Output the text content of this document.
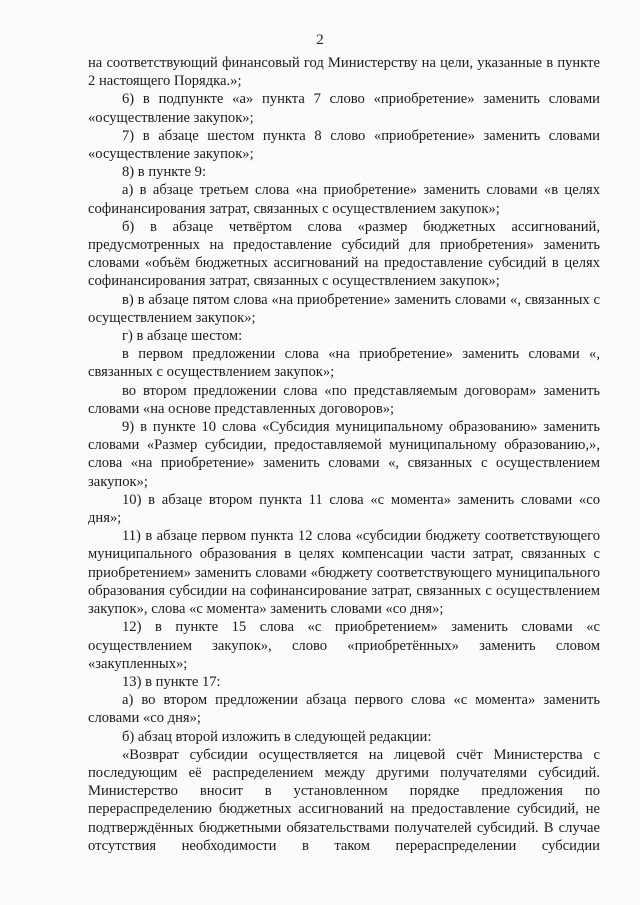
2

на соответствующий финансовый год Министерству на цели, указанные в пункте 2 настоящего Порядка.»;

6) в подпункте «а» пункта 7 слово «приобретение» заменить словами «осуществление закупок»;

7) в абзаце шестом пункта 8 слово «приобретение» заменить словами «осуществление закупок»;

8) в пункте 9:

а) в абзаце третьем слова «на приобретение» заменить словами «в целях софинансирования затрат, связанных с осуществлением закупок»;

б) в абзаце четвёртом слова «размер бюджетных ассигнований, предусмотренных на предоставление субсидий для приобретения» заменить словами «объём бюджетных ассигнований на предоставление субсидий в целях софинансирования затрат, связанных с осуществлением закупок»;

в) в абзаце пятом слова «на приобретение» заменить словами «, связанных с осуществлением закупок»;

г) в абзаце шестом:

в первом предложении слова «на приобретение» заменить словами «, связанных с осуществлением закупок»;

во втором предложении слова «по представляемым договорам» заменить словами «на основе представленных договоров»;

9) в пункте 10 слова «Субсидия муниципальному образованию» заменить словами «Размер субсидии, предоставляемой муниципальному образованию,», слова «на приобретение» заменить словами «, связанных с осуществлением закупок»;

10) в абзаце втором пункта 11 слова «с момента» заменить словами «со дня»;

11) в абзаце первом пункта 12 слова «субсидии бюджету соответствующего муниципального образования в целях компенсации части затрат, связанных с приобретением» заменить словами «бюджету соответствующего муниципального образования субсидии на софинансирование затрат, связанных с осуществлением закупок», слова «с момента» заменить словами «со дня»;

12) в пункте 15 слова «с приобретением» заменить словами «с осуществлением закупок», слово «приобретённых» заменить словом «закупленных»;

13) в пункте 17:

а) во втором предложении абзаца первого слова «с момента» заменить словами «со дня»;

б) абзац второй изложить в следующей редакции:

«Возврат субсидии осуществляется на лицевой счёт Министерства с последующим её распределением между другими получателями субсидий. Министерство вносит в установленном порядке предложения по перераспределению бюджетных ассигнований на предоставление субсидий, не подтверждённых бюджетными обязательствами получателей субсидий. В случае отсутствия необходимости в таком перераспределении субсидии
